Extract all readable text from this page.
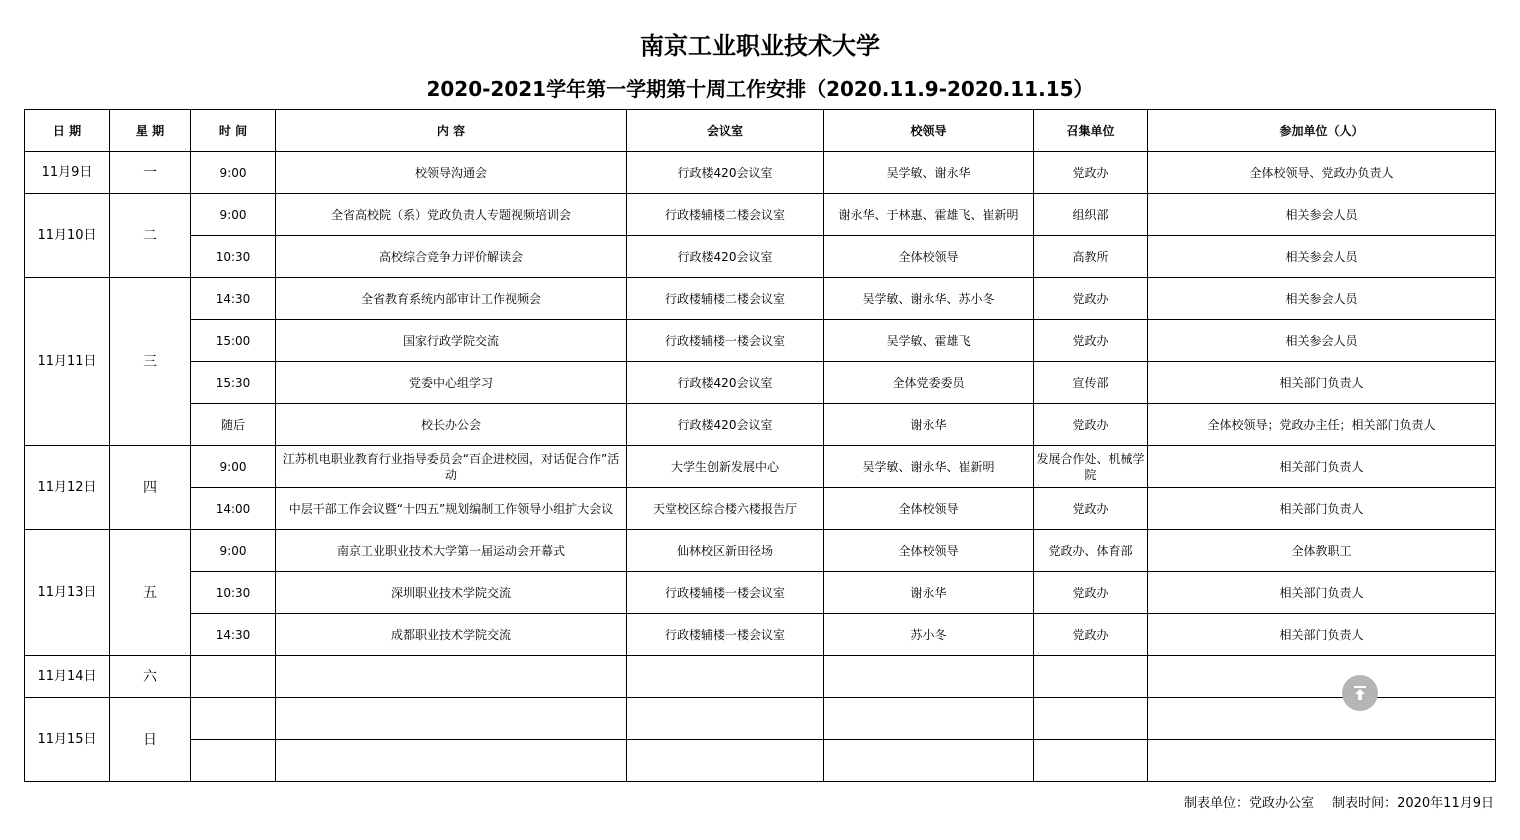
南京工业职业技术大学
2020-2021学年第一学期第十周工作安排（2020.11.9-2020.11.15）
日 期	星 期	时 间	内 容	会议室	校领导	召集单位	参加单位（人）
11月9日	一	9:00	校领导沟通会	行政楼420会议室	吴学敏、谢永华	党政办	全体校领导、党政办负责人
11月10日	二	9:00	全省高校院（系）党政负责人专题视频培训会	行政楼辅楼二楼会议室	谢永华、于林惠、霍雄飞、崔新明	组织部	相关参会人员
		10:30	高校综合竞争力评价解读会	行政楼420会议室	全体校领导	高教所	相关参会人员
11月11日	三	14:30	全省教育系统内部审计工作视频会	行政楼辅楼二楼会议室	吴学敏、谢永华、苏小冬	党政办	相关参会人员
		15:00	国家行政学院交流	行政楼辅楼一楼会议室	吴学敏、霍雄飞	党政办	相关参会人员
		15:30	党委中心组学习	行政楼420会议室	全体党委委员	宣传部	相关部门负责人
		随后	校长办公会	行政楼420会议室	谢永华	党政办	全体校领导；党政办主任；相关部门负责人
11月12日	四	9:00	江苏机电职业教育行业指导委员会“百企进校园，对话促合作”活动	大学生创新发展中心	吴学敏、谢永华、崔新明	发展合作处、机械学院	相关部门负责人
		14:00	中层干部工作会议暨“十四五”规划编制工作领导小组扩大会议	天堂校区综合楼六楼报告厅	全体校领导	党政办	相关部门负责人
11月13日	五	9:00	南京工业职业技术大学第一届运动会开幕式	仙林校区新田径场	全体校领导	党政办、体育部	全体教职工
		10:30	深圳职业技术学院交流	行政楼辅楼一楼会议室	谢永华	党政办	相关部门负责人
		14:30	成都职业技术学院交流	行政楼辅楼一楼会议室	苏小冬	党政办	相关部门负责人
11月14日	六						
11月15日	日						

制表单位：党政办公室 制表时间：2020年11月9日
